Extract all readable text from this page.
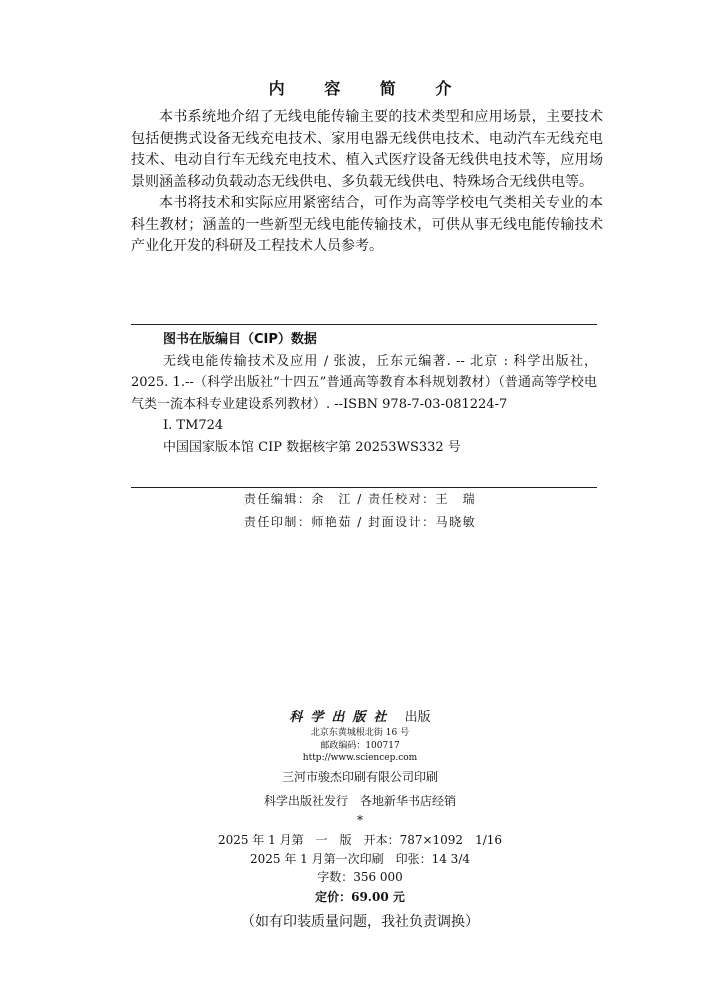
内 容 简 介

本书系统地介绍了无线电能传输主要的技术类型和应用场景，主要技术包括便携式设备无线充电技术、家用电器无线供电技术、电动汽车无线充电技术、电动自行车无线充电技术、植入式医疗设备无线供电技术等，应用场景则涵盖移动负载动态无线供电、多负载无线供电、特殊场合无线供电等。

本书将技术和实际应用紧密结合，可作为高等学校电气类相关专业的本科生教材；涵盖的一些新型无线电能传输技术，可供从事无线电能传输技术产业化开发的科研及工程技术人员参考。

图书在版编目（CIP）数据
无线电能传输技术及应用 / 张波，丘东元编著. -- 北京 : 科学出版社，2025. 1.--（科学出版社“十四五”普通高等教育本科规划教材）（普通高等学校电气类一流本科专业建设系列教材）. --ISBN 978-7-03-081224-7
Ⅰ. TM724
中国国家版本馆 CIP 数据核字第 20253WS332 号
责任编辑：余　江 / 责任校对：王　瑞
责任印制：师艳茹 / 封面设计：马晓敏
科学出版社 出版
北京东黄城根北街 16 号
邮政编码：100717
http://www.sciencep.com
三河市骏杰印刷有限公司印刷
科学出版社发行　各地新华书店经销
*
2025 年 1 月第　一　版　开本：787×1092　1/16
2025 年 1 月第一次印刷　印张：14 3/4
字数：356 000
定价：69.00 元
（如有印装质量问题，我社负责调换）
